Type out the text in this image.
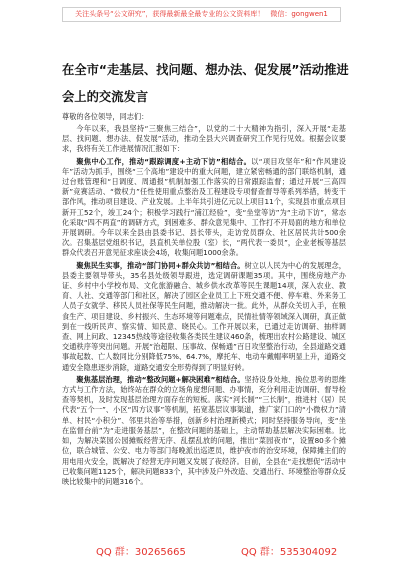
关注头条号“公文研究”，获得最新最全最专业的公文资料库！ 微信：gongwen1
在全市“走基层、找问题、想办法、促发展”活动推进会上的交流发言
尊敬的各位领导，同志们：

今年以来，我县坚持“三聚焦三结合”，以党的二十大精神为指引，深入开展“走基层、找问题、想办法、促发展”活动，推动全县大兴调查研究工作见行见效。根据会议要求，我将有关工作进展情况汇报如下：

聚焦中心工作，推动“跟踪调度+主动下访”相结合。以“项目攻坚年”和“作风建设年”活动为抓手，围绕“三个高地”建设中的重大问题，建立紧密畅通的部门联络机制，通过台账管理和“日调度、周通报”机制加强工作落实的日常跟踪监督；通过开展“三高四新”竞赛活动、“微权力”任性使用重点整治及工程建设专项督查督导等系列举措，转变干部作风，推动项目建设、产业发展。上半年共引进亿元以上项目11个，实现县市重点项目新开工52个，竣工24个；积极学习践行“浦江经验”，变“坐堂等访”为“主动下访”，常态化采取“四不两直”的调研方式，到困难多、群众意见集中、工作打不开局面的地方和单位开展调研。今年以来全县由县委书记、县长带头，走访党员群众、社区居民共计500余次。召集基层党组织书记，县直机关单位股（室）长，“两代表一委员”，企业老板等基层群众代表召开意见征求座谈会4场，收集问题1000余条。

聚焦民生实事，推动“部门协同+群众共访”相结合。树立以人民为中心的发展理念，县委主要领导带头，35名县处级领导跟进，选定调研课题35项。其中，围绕房地产办证、乡村中小学校布局、文化旅游融合、城乡供水改革等民生课题14项，深入农业、教育、人社、交通等部门和社区，解决了园区企业员工上下班交通不便、停车难、外来务工人员子女就学、移民人员社保等民生问题，推动解决一批。此外，从群众关切入手，在粮食生产、项目建设、乡村振兴、生态环境等问题难点，民情社情等领域深入调研，真正做到在一线听民声、察实情、知民意、晓民心。工作开展以来，已通过走访调研、抽样调查、网上问政、12345热线等途径收集各类民生建议460条，梳理出农村公路建设、城区交通秩序等突出问题。开展“治超限、压事故、保畅通”百日攻坚整治行动，全县道路交通事故起数、亡人数同比分别降低75%、64.7%，摩托车、电动车戴帽率明显上升，道路交通安全隐患逐步消除，道路交通安全形势得到了明显好转。

聚焦基层治理，推动“整改问题+解决困难”相结合。坚持设身处地、换位思考的思维方式与工作方法，始终站在群众的立场角度想问题、办事情，充分利用走访调研、督导检查等契机，及时发现基层治理方面存在的短板。落实“河长制”“三长制”，推进村（居）民代表“五个一”、小区“四方议事”等机制，拓宽基层议事渠道，推广家门口的“小微权力”清单、村民“小积分”、邻里共治等举措，创新乡村治理新模式；同时坚持服务导向，变“坐在监督台前”为“走进服务基层”，在整改问题的基础上，主动帮助基层解决实际困难。比如，为解决菜园公园摊贩经营无序、乱摆乱放的问题，推出“菜园夜市”，设置80多个摊位，联合城管、公安、电力等部门每晚派出巡逻员，维护夜市的治安环境，保障摊主们的用电用火安全，既解决了经营无序问题又发展了夜经济。目前，全县在“走找想促”活动中已收集问题1125个，解决问题833个，其中涉及户外改造、交通出行、环境整治等群众反映比较集中的问题316个。

QQ 群：30265665	QQ 群：535304092
